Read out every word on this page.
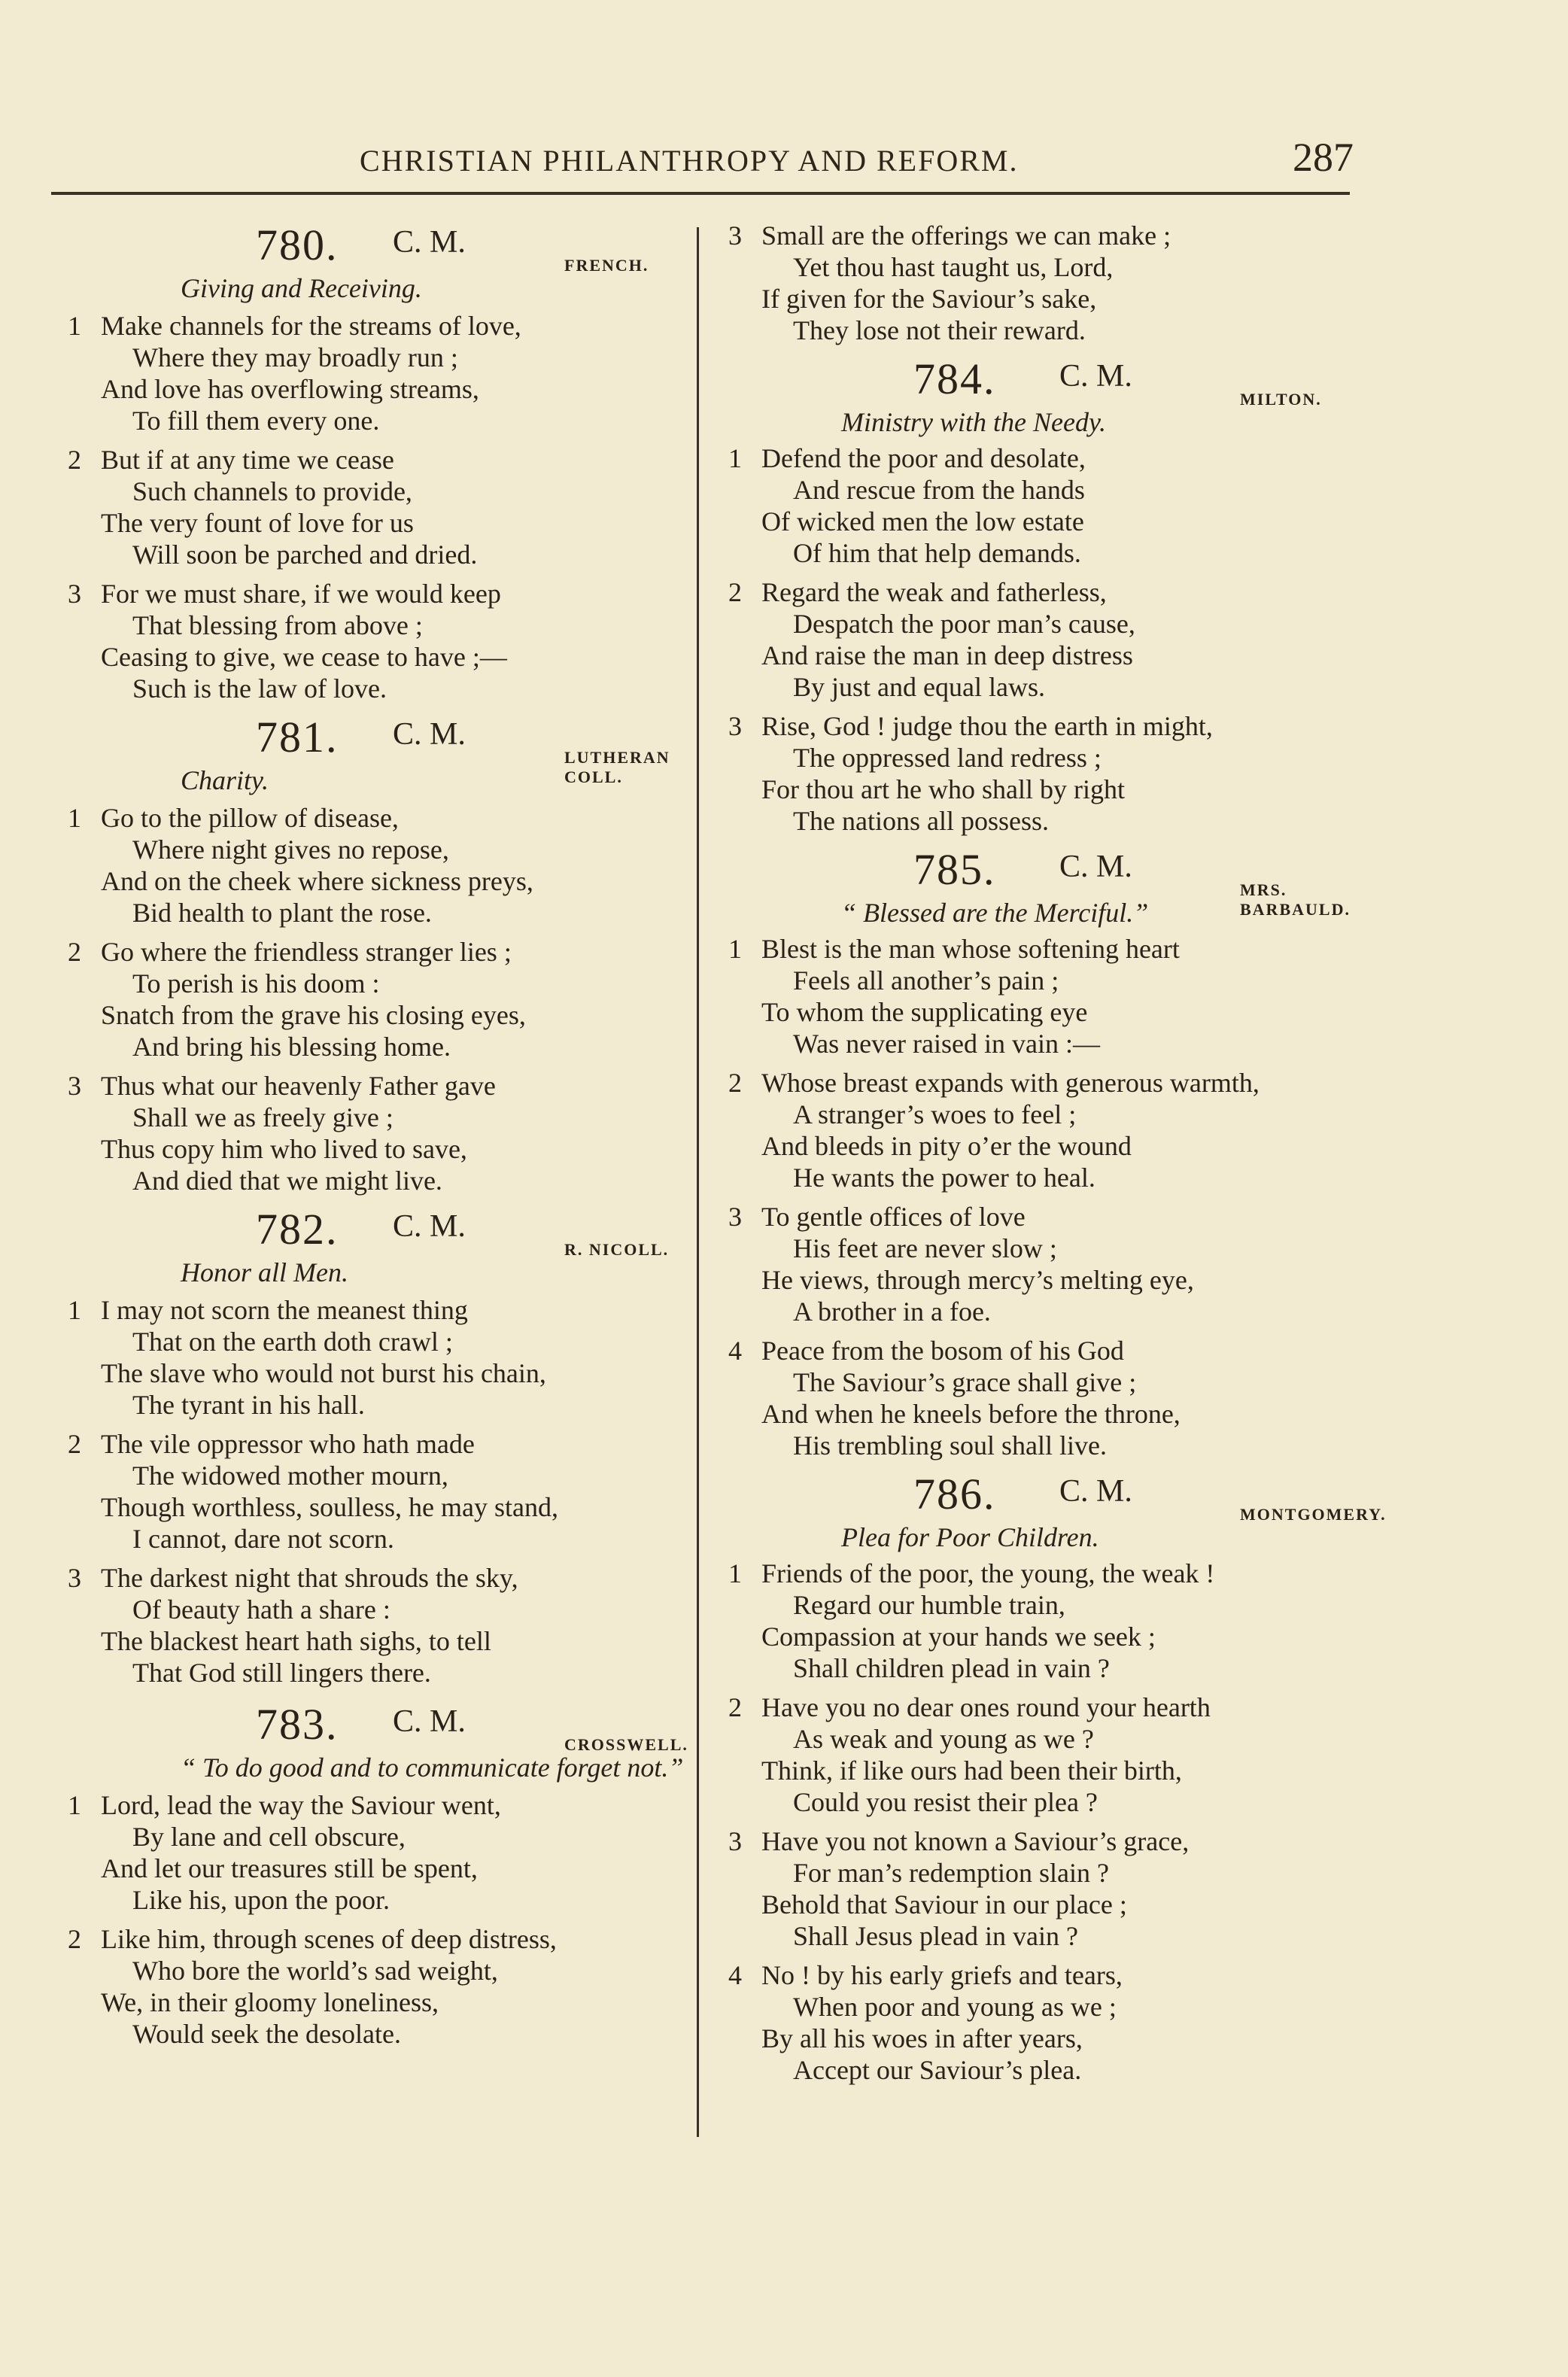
CHRISTIAN PHILANTHROPY AND REFORM.	287
780. C. M.
FRENCH.
Giving and Receiving.
1 Make channels for the streams of love,
Where they may broadly run ;
And love has overflowing streams,
To fill them every one.
2 But if at any time we cease
Such channels to provide,
The very fount of love for us
Will soon be parched and dried.
3 For we must share, if we would keep
That blessing from above ;
Ceasing to give, we cease to have ;—
Such is the law of love.
781. C. M.
LUTHERAN COLL.
Charity.
1 Go to the pillow of disease,
Where night gives no repose,
And on the cheek where sickness preys,
Bid health to plant the rose.
2 Go where the friendless stranger lies ;
To perish is his doom :
Snatch from the grave his closing eyes,
And bring his blessing home.
3 Thus what our heavenly Father gave
Shall we as freely give ;
Thus copy him who lived to save,
And died that we might live.
782. C. M.
R. NICOLL.
Honor all Men.
1 I may not scorn the meanest thing
That on the earth doth crawl ;
The slave who would not burst his chain,
The tyrant in his hall.
2 The vile oppressor who hath made
The widowed mother mourn,
Though worthless, soulless, he may stand,
I cannot, dare not scorn.
3 The darkest night that shrouds the sky,
Of beauty hath a share :
The blackest heart hath sighs, to tell
That God still lingers there.
783. C. M.
CROSSWELL.
“ To do good and to communicate forget not.”
1 Lord, lead the way the Saviour went,
By lane and cell obscure,
And let our treasures still be spent,
Like his, upon the poor.
2 Like him, through scenes of deep distress,
Who bore the world’s sad weight,
We, in their gloomy loneliness,
Would seek the desolate.
3 Small are the offerings we can make ;
Yet thou hast taught us, Lord,
If given for the Saviour’s sake,
They lose not their reward.
784. C. M.
MILTON.
Ministry with the Needy.
1 Defend the poor and desolate,
And rescue from the hands
Of wicked men the low estate
Of him that help demands.
2 Regard the weak and fatherless,
Despatch the poor man’s cause,
And raise the man in deep distress
By just and equal laws.
3 Rise, God ! judge thou the earth in might,
The oppressed land redress ;
For thou art he who shall by right
The nations all possess.
785. C. M.
MRS. BARBAULD.
“ Blessed are the Merciful.”
1 Blest is the man whose softening heart
Feels all another’s pain ;
To whom the supplicating eye
Was never raised in vain :—
2 Whose breast expands with generous warmth,
A stranger’s woes to feel ;
And bleeds in pity o’er the wound
He wants the power to heal.
3 To gentle offices of love
His feet are never slow ;
He views, through mercy’s melting eye,
A brother in a foe.
4 Peace from the bosom of his God
The Saviour’s grace shall give ;
And when he kneels before the throne,
His trembling soul shall live.
786. C. M.
MONTGOMERY.
Plea for Poor Children.
1 Friends of the poor, the young, the weak !
Regard our humble train,
Compassion at your hands we seek ;
Shall children plead in vain ?
2 Have you no dear ones round your hearth
As weak and young as we ?
Think, if like ours had been their birth,
Could you resist their plea ?
3 Have you not known a Saviour’s grace,
For man’s redemption slain ?
Behold that Saviour in our place ;
Shall Jesus plead in vain ?
4 No ! by his early griefs and tears,
When poor and young as we ;
By all his woes in after years,
Accept our Saviour’s plea.
